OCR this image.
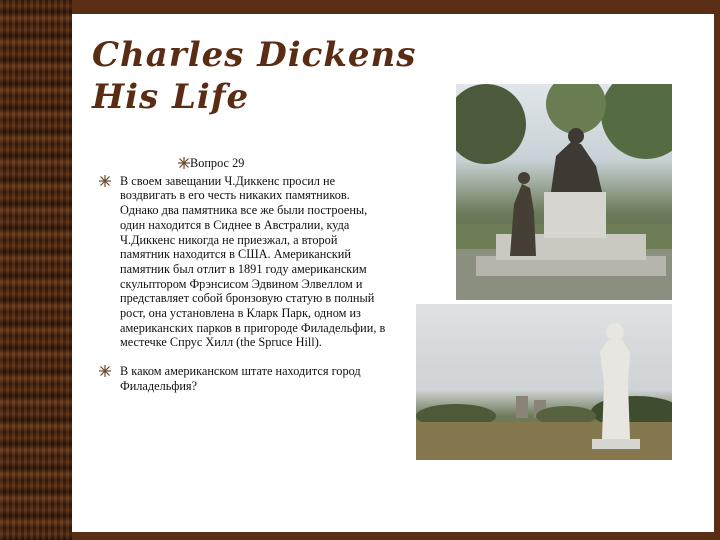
Charles Dickens
His Life
Вопрос 29
В своем завещании Ч.Диккенс просил не воздвигать в его честь никаких памятников. Однако два памятника все же были построены, один находится в Сиднее в Австралии, куда Ч.Диккенс никогда не приезжал, а второй памятник находится в США. Американский памятник был отлит в 1891 году американским скульптором Фрэнсисом Эдвином Элвеллом и представляет собой бронзовую статую в полный рост, она установлена в Кларк Парк, одном из американских парков в пригороде Филадельфии, в местечке Спрус Хилл (the Spruce Hill).
В каком американском штате находится город Филадельфия?
